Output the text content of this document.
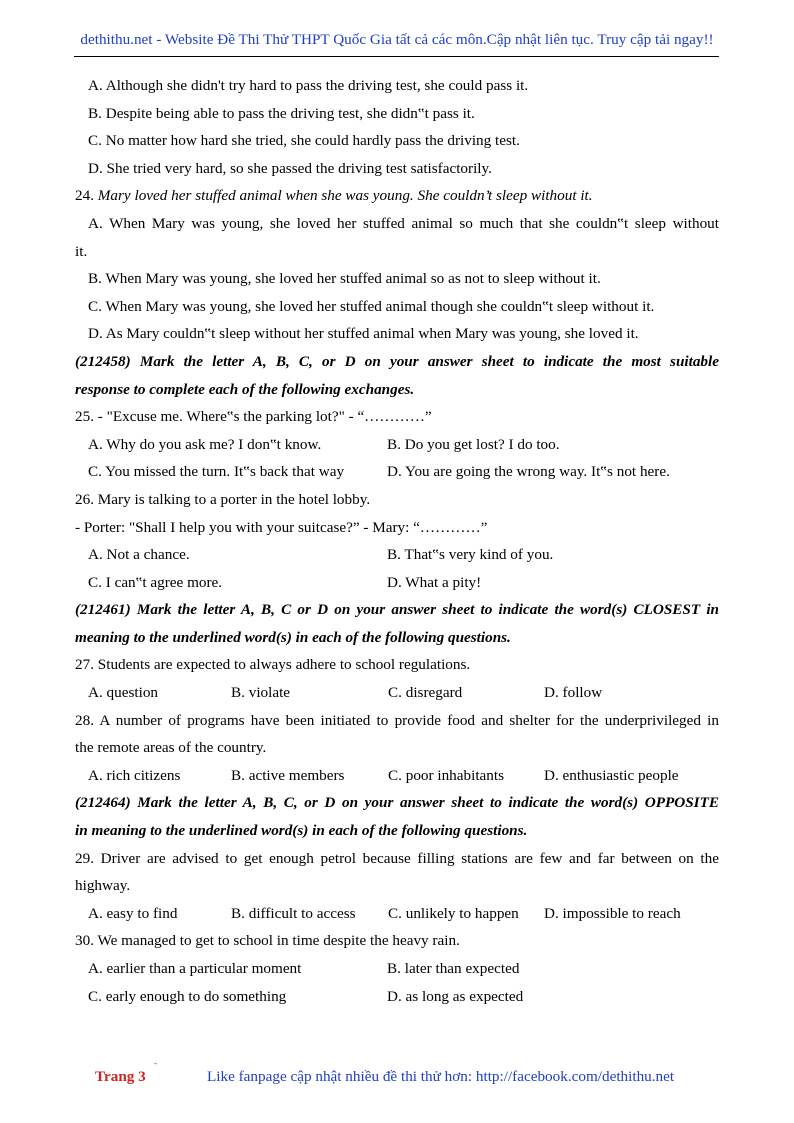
dethithu.net - Website Đề Thi Thử THPT Quốc Gia tất cả các môn.Cập nhật liên tục. Truy cập tải ngay!!
A. Although she didn't try hard to pass the driving test, she could pass it.
B. Despite being able to pass the driving test, she didn‟t pass it.
C. No matter how hard she tried, she could hardly pass the driving test.
D. She tried very hard, so she passed the driving test satisfactorily.
24. Mary loved her stuffed animal when she was young. She couldn’t sleep without it.
A. When Mary was young, she loved her stuffed animal so much that she couldn‟t sleep without
it.
B. When Mary was young, she loved her stuffed animal so as not to sleep without it.
C. When Mary was young, she loved her stuffed animal though she couldn‟t sleep without it.
D. As Mary couldn‟t sleep without her stuffed animal when Mary was young, she loved it.
(212458) Mark the letter A, B, C, or D on your answer sheet to indicate the most suitable
response to complete each of the following exchanges.
25. - "Excuse me. Where‟s the parking lot?" - “…………”
A. Why do you ask me? I don‟t know.	B. Do you get lost? I do too.
C. You missed the turn. It‟s back that way	D. You are going the wrong way. It‟s not here.
26. Mary is talking to a porter in the hotel lobby.
- Porter: "Shall I help you with your suitcase?” - Mary: “…………”
A. Not a chance.	B. That‟s very kind of you.
C. I can‟t agree more.	D. What a pity!
(212461) Mark the letter A, B, C or D on your answer sheet to indicate the word(s) CLOSEST in
meaning to the underlined word(s) in each of the following questions.
27. Students are expected to always adhere to school regulations.
A. question	B. violate	C. disregard	D. follow
28. A number of programs have been initiated to provide food and shelter for the underprivileged in
the remote areas of the country.
A. rich citizens	B. active members	C. poor inhabitants	D. enthusiastic people
(212464) Mark the letter A, B, C, or D on your answer sheet to indicate the word(s) OPPOSITE
in meaning to the underlined word(s) in each of the following questions.
29. Driver are advised to get enough petrol because filling stations are few and far between on the
highway.
A. easy to find	B. difficult to access	C. unlikely to happen	D. impossible to reach
30. We managed to get to school in time despite the heavy rain.
A. earlier than a particular moment	B. later than expected
C. early enough to do something	D. as long as expected
Trang 3
ˉ
Like fanpage cập nhật nhiều đề thi thử hơn: http://facebook.com/dethithu.net
